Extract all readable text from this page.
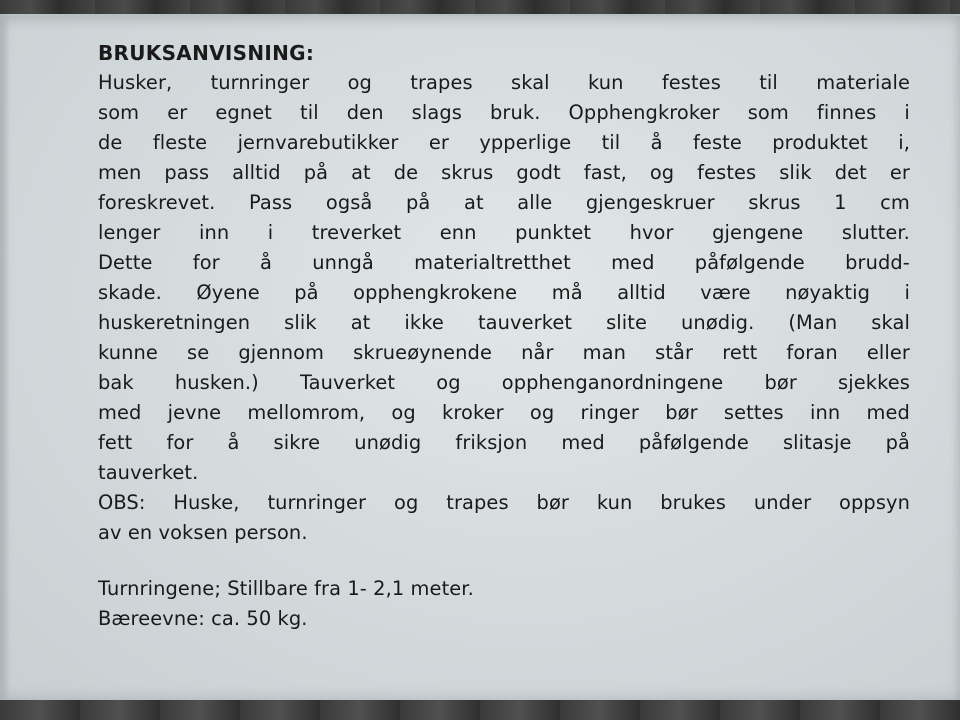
BRUKSANVISNING:
Husker, turnringer og trapes skal kun festes til materiale
som er egnet til den slags bruk. Opphengkroker som finnes i
de fleste jernvarebutikker er ypperlige til å feste produktet i,
men pass alltid på at de skrus godt fast, og festes slik det er
foreskrevet. Pass også på at alle gjengeskruer skrus 1 cm
lenger inn i treverket enn punktet hvor gjengene slutter.
Dette for å unngå materialtretthet med påfølgende brudd-
skade. Øyene på opphengkrokene må alltid være nøyaktig i
huskeretningen slik at ikke tauverket slite unødig. (Man skal
kunne se gjennom skrueøynende når man står rett foran eller
bak husken.) Tauverket og opphenganordningene bør sjekkes
med jevne mellomrom, og kroker og ringer bør settes inn med
fett for å sikre unødig friksjon med påfølgende slitasje på
tauverket.
OBS: Huske, turnringer og trapes bør kun brukes under oppsyn
av en voksen person.
Turnringene; Stillbare fra 1- 2,1 meter.
Bæreevne: ca. 50 kg.
